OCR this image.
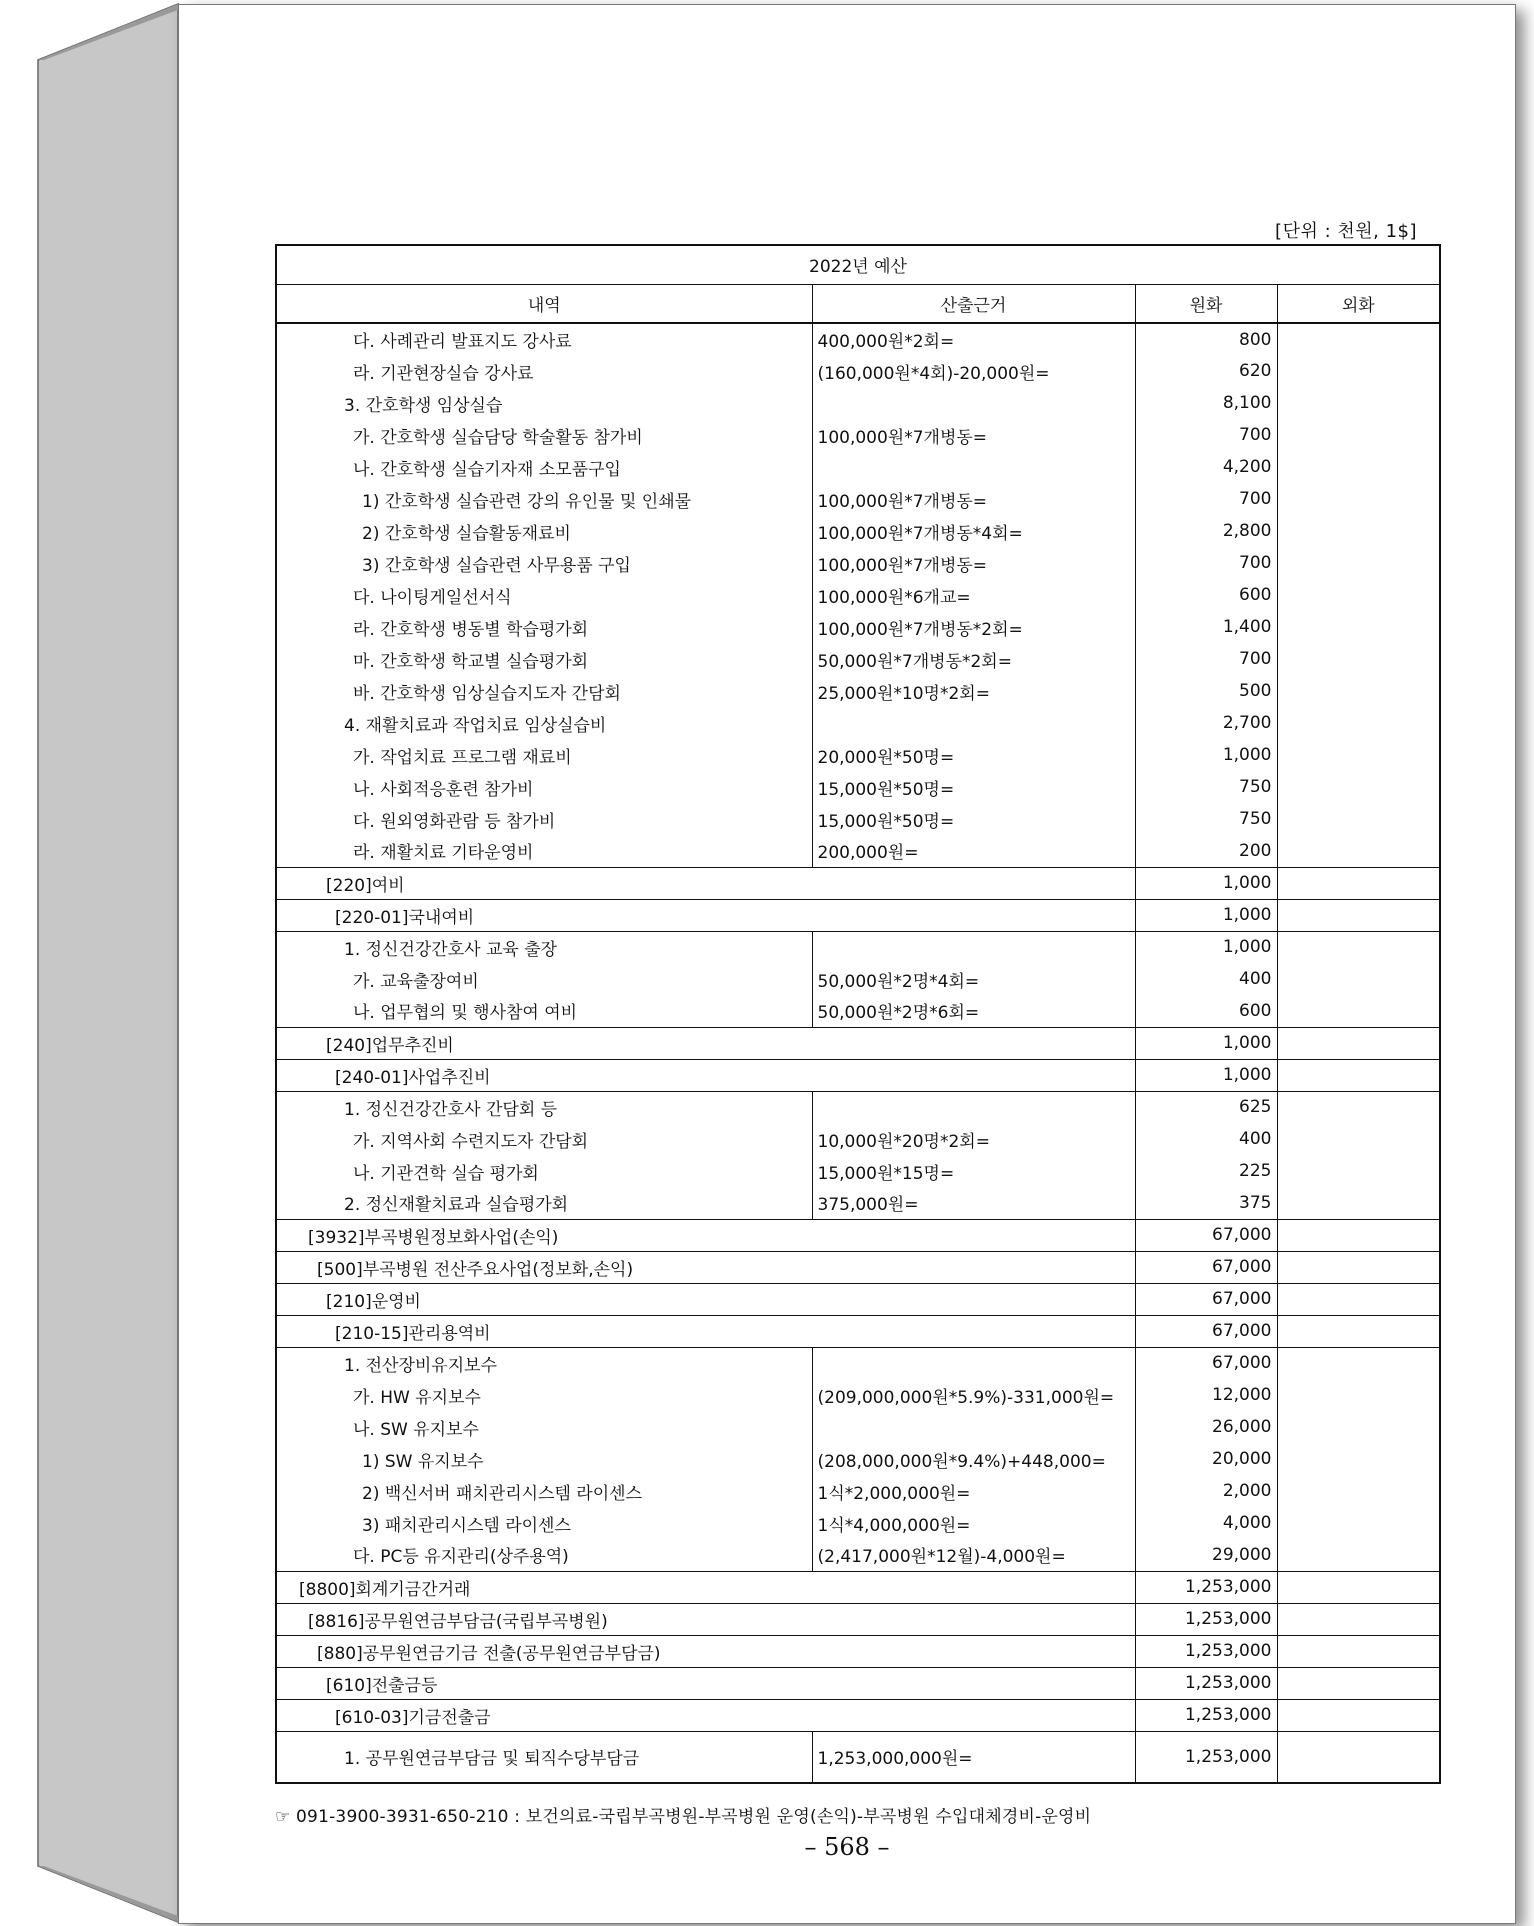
[단위 : 천원, 1$]
2022년 예산			
내역	산출근거	원화	외화
다. 사례관리 발표지도 강사료	400,000원*2회=	800	
라. 기관현장실습 강사료	(160,000원*4회)-20,000원=	620	
3. 간호학생 임상실습		8,100	
가. 간호학생 실습담당 학술활동 참가비	100,000원*7개병동=	700	
나. 간호학생 실습기자재 소모품구입		4,200	
1) 간호학생 실습관련 강의 유인물 및 인쇄물	100,000원*7개병동=	700	
2) 간호학생 실습활동재료비	100,000원*7개병동*4회=	2,800	
3) 간호학생 실습관련 사무용품 구입	100,000원*7개병동=	700	
다. 나이팅게일선서식	100,000원*6개교=	600	
라. 간호학생 병동별 학습평가회	100,000원*7개병동*2회=	1,400	
마. 간호학생 학교별 실습평가회	50,000원*7개병동*2회=	700	
바. 간호학생 임상실습지도자 간담회	25,000원*10명*2회=	500	
4. 재활치료과 작업치료 임상실습비		2,700	
가. 작업치료 프로그램 재료비	20,000원*50명=	1,000	
나. 사회적응훈련 참가비	15,000원*50명=	750	
다. 원외영화관람 등 참가비	15,000원*50명=	750	
라. 재활치료 기타운영비	200,000원=	200	
[220]여비		1,000	
[220-01]국내여비		1,000	
1. 정신건강간호사 교육 출장		1,000	
가. 교육출장여비	50,000원*2명*4회=	400	
나. 업무협의 및 행사참여 여비	50,000원*2명*6회=	600	
[240]업무추진비		1,000	
[240-01]사업추진비		1,000	
1. 정신건강간호사 간담회 등		625	
가. 지역사회 수련지도자 간담회	10,000원*20명*2회=	400	
나. 기관견학 실습 평가회	15,000원*15명=	225	
2. 정신재활치료과 실습평가회	375,000원=	375	
[3932]부곡병원정보화사업(손익)		67,000	
[500]부곡병원 전산주요사업(정보화,손익)		67,000	
[210]운영비		67,000	
[210-15]관리용역비		67,000	
1. 전산장비유지보수		67,000	
가. HW 유지보수	(209,000,000원*5.9%)-331,000원=	12,000	
나. SW 유지보수		26,000	
1) SW 유지보수	(208,000,000원*9.4%)+448,000=	20,000	
2) 백신서버 패치관리시스템 라이센스	1식*2,000,000원=	2,000	
3) 패치관리시스템 라이센스	1식*4,000,000원=	4,000	
다. PC등 유지관리(상주용역)	(2,417,000원*12월)-4,000원=	29,000	
[8800]회계기금간거래		1,253,000	
[8816]공무원연금부담금(국립부곡병원)		1,253,000	
[880]공무원연금기금 전출(공무원연금부담금)		1,253,000	
[610]전출금등		1,253,000	
[610-03]기금전출금		1,253,000	
1. 공무원연금부담금 및 퇴직수당부담금	1,253,000,000원=	1,253,000	
☞ 091-3900-3931-650-210 : 보건의료-국립부곡병원-부곡병원 운영(손익)-부곡병원 수입대체경비-운영비
– 568 –
